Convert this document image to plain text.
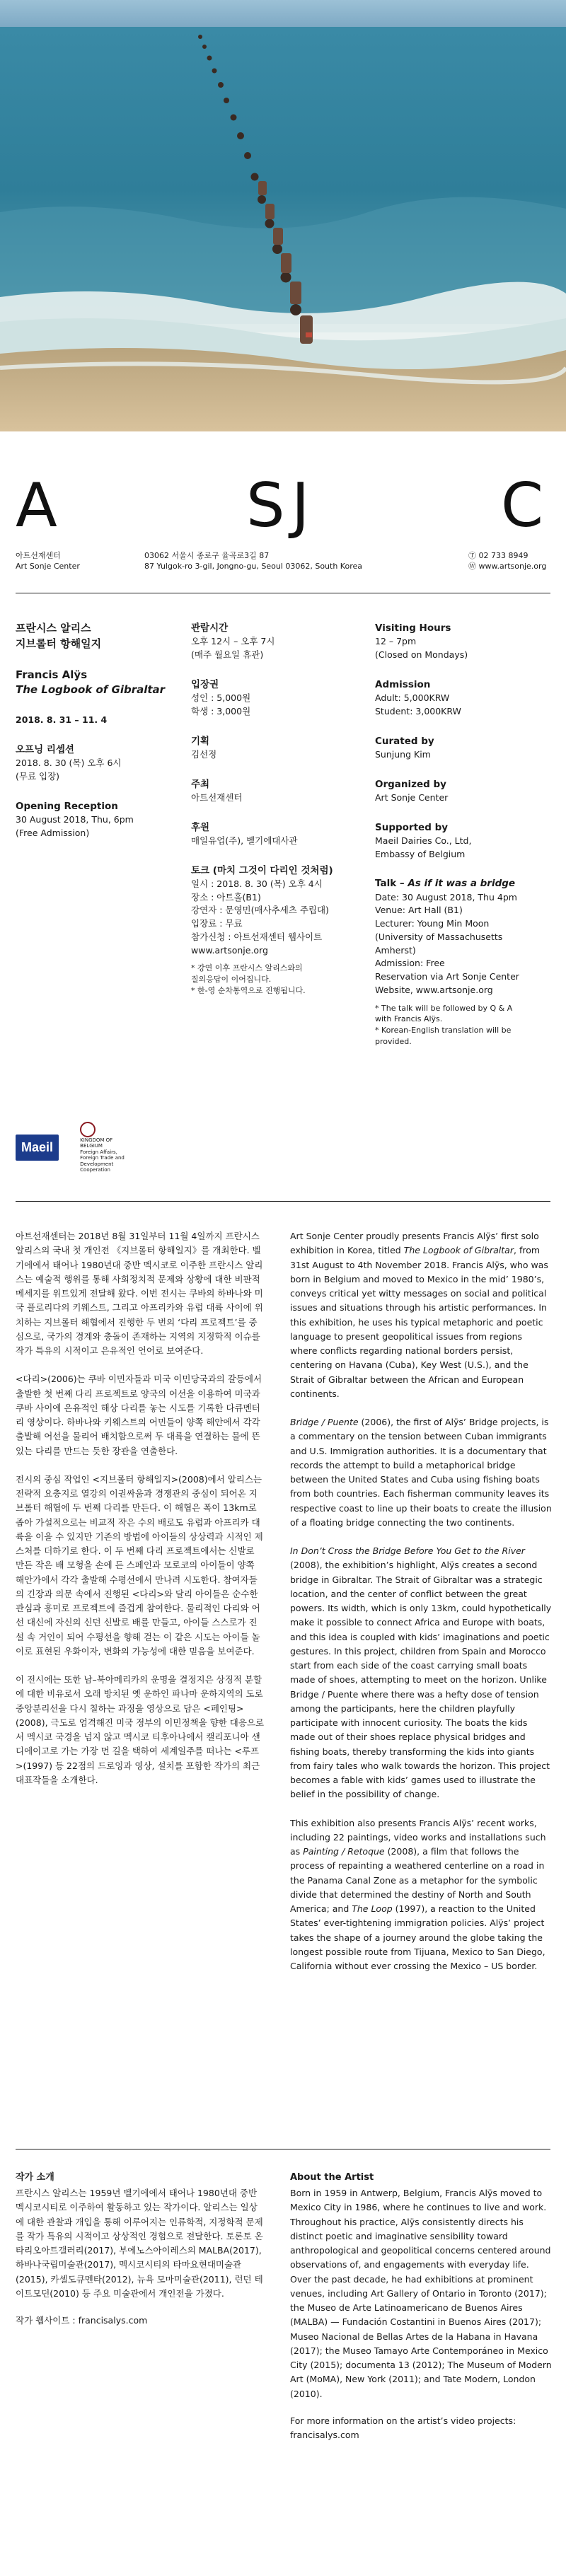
A	S J	C
아트선재센터
Art Sonje Center
03062 서울시 종로구 율곡로3길 87
87 Yulgok-ro 3-gil, Jongno-gu, Seoul 03062, South Korea
Ⓣ 02 733 8949
Ⓦ www.artsonje.org
프란시스 알리스
지브롤터 항해일지
Francis Alÿs
The Logbook of Gibraltar
2018. 8. 31 – 11. 4
오프닝 리셉션
2018. 8. 30 (목) 오후 6시
(무료 입장)
Opening Reception
30 August 2018, Thu, 6pm
(Free Admission)
관람시간
오후 12시 – 오후 7시
(매주 월요일 휴관)
입장권
성인 : 5,000원
학생 : 3,000원
기획
김선정
주최
아트선재센터
후원
매일유업(주), 벨기에대사관
토크 (마치 그것이 다리인 것처럼)
일시 : 2018. 8. 30 (목) 오후 4시
장소 : 아트홀(B1)
강연자 : 문영민(매사추세츠 주립대)
입장료 : 무료
참가신청 : 아트선재센터 웹사이트
www.artsonje.org
* 강연 이후 프란시스 알리스와의
질의응답이 이어집니다.
* 한-영 순차통역으로 진행됩니다.
Visiting Hours
12 – 7pm
(Closed on Mondays)
Admission
Adult: 5,000KRW
Student: 3,000KRW
Curated by
Sunjung Kim
Organized by
Art Sonje Center
Supported by
Maeil Dairies Co., Ltd,
Embassy of Belgium
Talk – As if it was a bridge
Date: 30 August 2018, Thu 4pm
Venue: Art Hall (B1)
Lecturer: Young Min Moon
(University of Massachusetts
Amherst)
Admission: Free
Reservation via Art Sonje Center
Website, www.artsonje.org
* The talk will be followed by Q & A
with Francis Alÿs.
* Korean-English translation will be
provided.
Maeil	KINGDOM OF BELGIUM
Foreign Affairs,
Foreign Trade and
Development Cooperation

아트선재센터는 2018년 8월 31일부터 11월 4일까지 프란시스 알리스의 국내 첫 개인전 《지브롤터 항해일지》를 개최한다. 벨기에에서 태어나 1980년대 중반 멕시코로 이주한 프란시스 알리스는 예술적 행위를 통해 사회정치적 문제와 상황에 대한 비판적 메세지를 위트있게 전달해 왔다. 이번 전시는 쿠바의 하바나와 미국 플로리다의 키웨스트, 그리고 아프리카와 유럽 대륙 사이에 위치하는 지브롤터 해협에서 진행한 두 번의 ‘다리 프로젝트’를 중심으로, 국가의 경계와 충돌이 존재하는 지역의 지정학적 이슈를 작가 특유의 시적이고 은유적인 언어로 보여준다.

<다리>(2006)는 쿠바 이민자들과 미국 이민당국과의 갈등에서 출발한 첫 번째 다리 프로젝트로 양국의 어선을 이용하여 미국과 쿠바 사이에 은유적인 해상 다리를 놓는 시도를 기록한 다큐멘터리 영상이다. 하바나와 키웨스트의 어민들이 양쪽 해안에서 각각 출발해 어선을 물리어 배치함으로써 두 대륙을 연결하는 물에 뜬 있는 다리를 만드는 듯한 장관을 연출한다.

전시의 중심 작업인 <지브롤터 항해일지>(2008)에서 알리스는 전략적 요충지로 열강의 이권싸움과 경쟁관의 중심이 되어온 지브롤터 해협에 두 번째 다리를 만든다. 이 해협은 폭이 13km로 좁아 가설적으로는 비교적 작은 수의 배로도 유럽과 아프리카 대륙을 이을 수 있지만 기존의 방법에 아이들의 상상력과 시적인 제스처를 더하기로 한다. 이 두 번째 다리 프로젝트에서는 신발로 만든 작은 배 모형을 손에 든 스페인과 모로코의 아이들이 양쪽 해안가에서 각각 출발해 수평선에서 만나려 시도한다. 참여자들의 긴장과 의문 속에서 진행된 <다리>와 달리 아이들은 순수한 관심과 흥미로 프로젝트에 즐겁게 참여한다. 물리적인 다리와 어선 대신에 자신의 신던 신발로 배를 만들고, 아이들 스스로가 진설 속 거인이 되어 수평선을 향해 걷는 이 같은 시도는 아이들 놀이로 표현된 우화이자, 변화의 가능성에 대한 믿음을 보여준다.

이 전시에는 또한 남–북아메리카의 운명을 결정지은 상징적 분할에 대한 비유로서 오래 방치된 옛 운하인 파나마 운하지역의 도로 중앙분리선을 다시 칠하는 과정을 영상으로 담은 <페인팅>(2008), 극도로 엄격해진 미국 정부의 이민정책을 향한 대응으로서 멕시코 국경을 넘지 않고 멕시코 티후아나에서 캘리포니아 샌디에이고로 가는 가장 먼 길을 택하여 세계일주를 떠나는 <루프>(1997) 등 22점의 드로잉과 영상, 설치를 포함한 작가의 최근 대표작들을 소개한다.

Art Sonje Center proudly presents Francis Alÿs’ first solo exhibition in Korea, titled The Logbook of Gibraltar, from 31st August to 4th November 2018. Francis Alÿs, who was born in Belgium and moved to Mexico in the mid’ 1980’s, conveys critical yet witty messages on social and political issues and situations through his artistic performances. In this exhibition, he uses his typical metaphoric and poetic language to present geopolitical issues from regions where conflicts regarding national borders persist, centering on Havana (Cuba), Key West (U.S.), and the Strait of Gibraltar between the African and European continents.

Bridge / Puente (2006), the first of Alÿs’ Bridge projects, is a commentary on the tension between Cuban immigrants and U.S. Immigration authorities. It is a documentary that records the attempt to build a metaphorical bridge between the United States and Cuba using fishing boats from both countries. Each fisherman community leaves its respective coast to line up their boats to create the illusion of a floating bridge connecting the two continents.

In Don’t Cross the Bridge Before You Get to the River (2008), the exhibition’s highlight, Alÿs creates a second bridge in Gibraltar. The Strait of Gibraltar was a strategic location, and the center of conflict between the great powers. Its width, which is only 13km, could hypothetically make it possible to connect Africa and Europe with boats, and this idea is coupled with kids’ imaginations and poetic gestures. In this project, children from Spain and Morocco start from each side of the coast carrying small boats made of shoes, attempting to meet on the horizon. Unlike Bridge / Puente where there was a hefty dose of tension among the participants, here the children playfully participate with innocent curiosity. The boats the kids made out of their shoes replace physical bridges and fishing boats, thereby transforming the kids into giants from fairy tales who walk towards the horizon. This project becomes a fable with kids’ games used to illustrate the belief in the possibility of change.

This exhibition also presents Francis Alÿs’ recent works, including 22 paintings, video works and installations such as Painting / Retoque (2008), a film that follows the process of repainting a weathered centerline on a road in the Panama Canal Zone as a metaphor for the symbolic divide that determined the destiny of North and South America; and The Loop (1997), a reaction to the United States’ ever-tightening immigration policies. Alÿs’ project takes the shape of a journey around the globe taking the longest possible route from Tijuana, Mexico to San Diego, California without ever crossing the Mexico – US border.

작가 소개

프란시스 알리스는 1959년 벨기에에서 태어나 1980년대 중반 멕시코시티로 이주하여 활동하고 있는 작가이다. 알리스는 일상에 대한 관찰과 개입을 통해 이루어지는 인류학적, 지정학적 문제를 작가 특유의 시적이고 상상적인 경험으로 전달한다. 토론토 온타리오아트갤러리(2017), 부에노스아이레스의 MALBA(2017), 하바나국립미술관(2017), 멕시코시티의 타마요현대미술관(2015), 카셀도큐멘타(2012), 뉴욕 모마미술관(2011), 런던 테이트모던(2010) 등 주요 미술관에서 개인전을 가졌다.

작가 웹사이트 : francisalys.com

About the Artist

Born in 1959 in Antwerp, Belgium, Francis Alÿs moved to Mexico City in 1986, where he continues to live and work. Throughout his practice, Alÿs consistently directs his distinct poetic and imaginative sensibility toward anthropological and geopolitical concerns centered around observations of, and engagements with everyday life. Over the past decade, he had exhibitions at prominent venues, including Art Gallery of Ontario in Toronto (2017); the Museo de Arte Latinoamericano de Buenos Aires (MALBA) — Fundación Costantini in Buenos Aires (2017); Museo Nacional de Bellas Artes de la Habana in Havana (2017); the Museo Tamayo Arte Contemporáneo in Mexico City (2015); documenta 13 (2012); The Museum of Modern Art (MoMA), New York (2011); and Tate Modern, London (2010).

For more information on the artist’s video projects: francisalys.com
